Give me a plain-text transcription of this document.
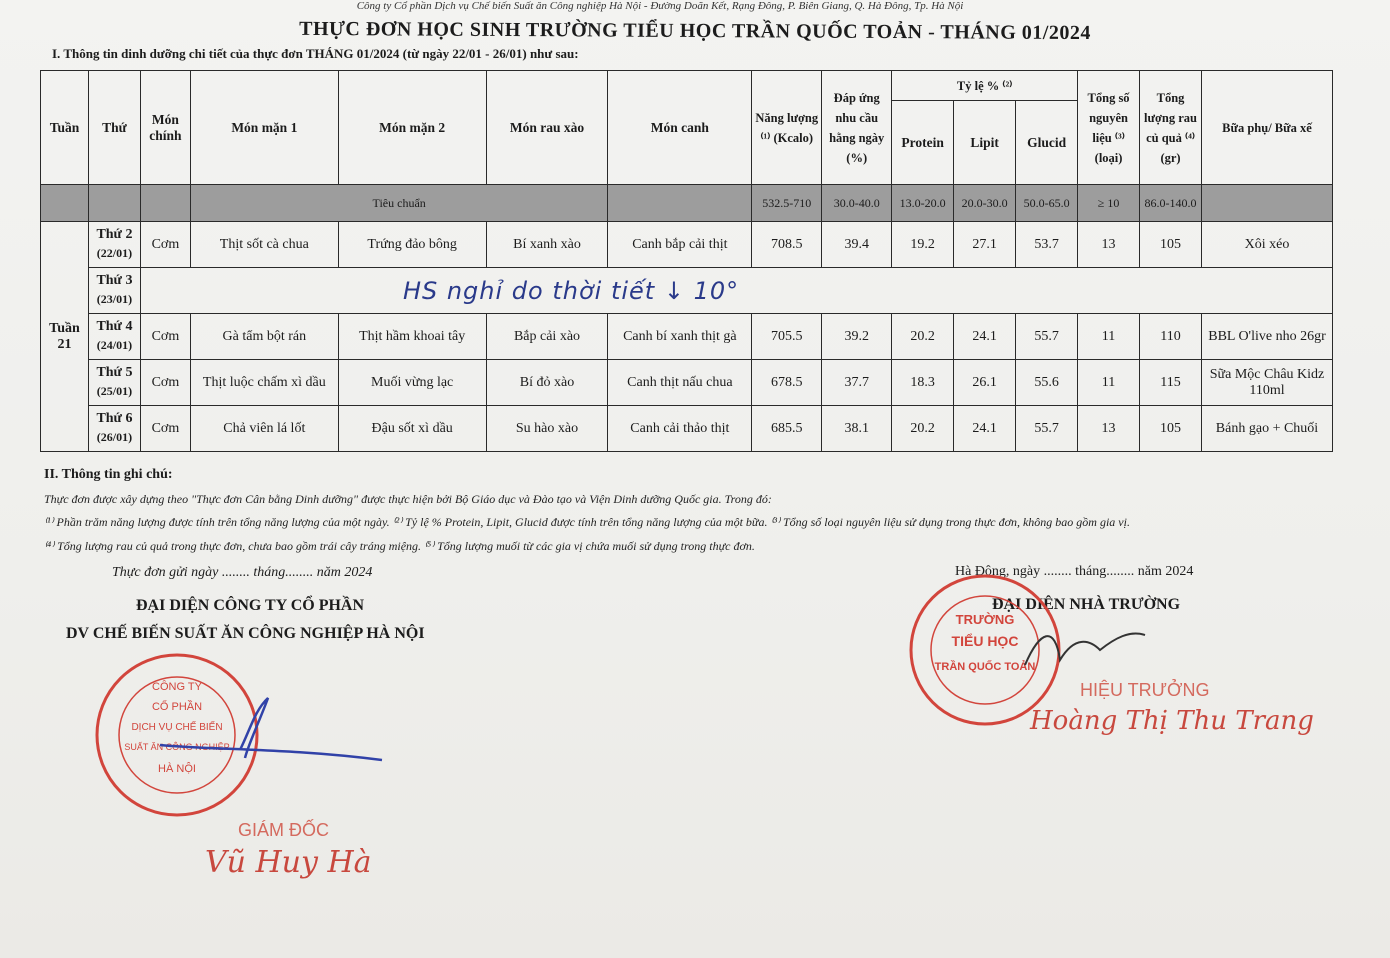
Công ty Cổ phần Dịch vụ Chế biến Suất ăn Công nghiệp Hà Nội - Đường Doãn Kết, Rạng Đông, P. Biên Giang, Q. Hà Đông, Tp. Hà Nội
THỰC ĐƠN HỌC SINH TRƯỜNG TIỂU HỌC TRẦN QUỐC TOẢN - THÁNG 01/2024
I. Thông tin dinh dưỡng chi tiết của thực đơn THÁNG 01/2024 (từ ngày 22/01 - 26/01) như sau:
Tuần	Thứ	Món chính	Món mặn 1	Món mặn 2	Món rau xào	Món canh	Năng lượng ⁽¹⁾ (Kcalo)	Đáp ứng nhu cầu hằng ngày (%)	Tỷ lệ % ⁽²⁾			Tổng số nguyên liệu ⁽³⁾ (loại)	Tổng lượng rau củ quả ⁽⁴⁾ (gr)	Bữa phụ/ Bữa xế
									Protein	Lipit	Glucid			
			Tiêu chuẩn				532.5-710	30.0-40.0	13.0-20.0	20.0-30.0	50.0-65.0	≥ 10	86.0-140.0	
Tuần 21	Thứ 2
(22/01)	Cơm	Thịt sốt cà chua	Trứng đảo bông	Bí xanh xào	Canh bắp cải thịt	708.5	39.4	19.2	27.1	53.7	13	105	Xôi xéo
	Thứ 3
(23/01)	HS nghỉ do thời tiết ↓ 10°												
	Thứ 4
(24/01)	Cơm	Gà tẩm bột rán	Thịt hầm khoai tây	Bắp cải xào	Canh bí xanh thịt gà	705.5	39.2	20.2	24.1	55.7	11	110	BBL O'live nho 26gr
	Thứ 5
(25/01)	Cơm	Thịt luộc chấm xì dầu	Muối vừng lạc	Bí đỏ xào	Canh thịt nấu chua	678.5	37.7	18.3	26.1	55.6	11	115	Sữa Mộc Châu Kidz 110ml
	Thứ 6
(26/01)	Cơm	Chả viên lá lốt	Đậu sốt xì dầu	Su hào xào	Canh cải thảo thịt	685.5	38.1	20.2	24.1	55.7	13	105	Bánh gạo + Chuối
II. Thông tin ghi chú:
Thực đơn được xây dựng theo "Thực đơn Cân bằng Dinh dưỡng" được thực hiện bởi Bộ Giáo dục và Đào tạo và Viện Dinh dưỡng Quốc gia. Trong đó:
⁽¹⁾ Phần trăm năng lượng được tính trên tổng năng lượng của một ngày. ⁽²⁾ Tỷ lệ % Protein, Lipit, Glucid được tính trên tổng năng lượng của một bữa. ⁽³⁾ Tổng số loại nguyên liệu sử dụng trong thực đơn, không bao gồm gia vị.
⁽⁴⁾ Tổng lượng rau củ quả trong thực đơn, chưa bao gồm trái cây tráng miệng. ⁽⁵⁾ Tổng lượng muối từ các gia vị chứa muối sử dụng trong thực đơn.
Thực đơn gửi ngày ........ tháng........ năm 2024	Hà Đông, ngày ........ tháng........ năm 2024
ĐẠI DIỆN CÔNG TY CỔ PHẦN
DV CHẾ BIẾN SUẤT ĂN CÔNG NGHIỆP HÀ NỘI
ĐẠI DIỆN NHÀ TRƯỜNG
CÔNG TY
CỔ PHẦN
DỊCH VỤ CHẾ BIẾN
SUẤT ĂN CÔNG NGHIỆP
HÀ NỘI
GIÁM ĐỐC
Vũ Huy Hà
TRƯỜNG
TIỂU HỌC
TRẦN QUỐC TOẢN
HIỆU TRƯỞNG
Hoàng Thị Thu Trang
